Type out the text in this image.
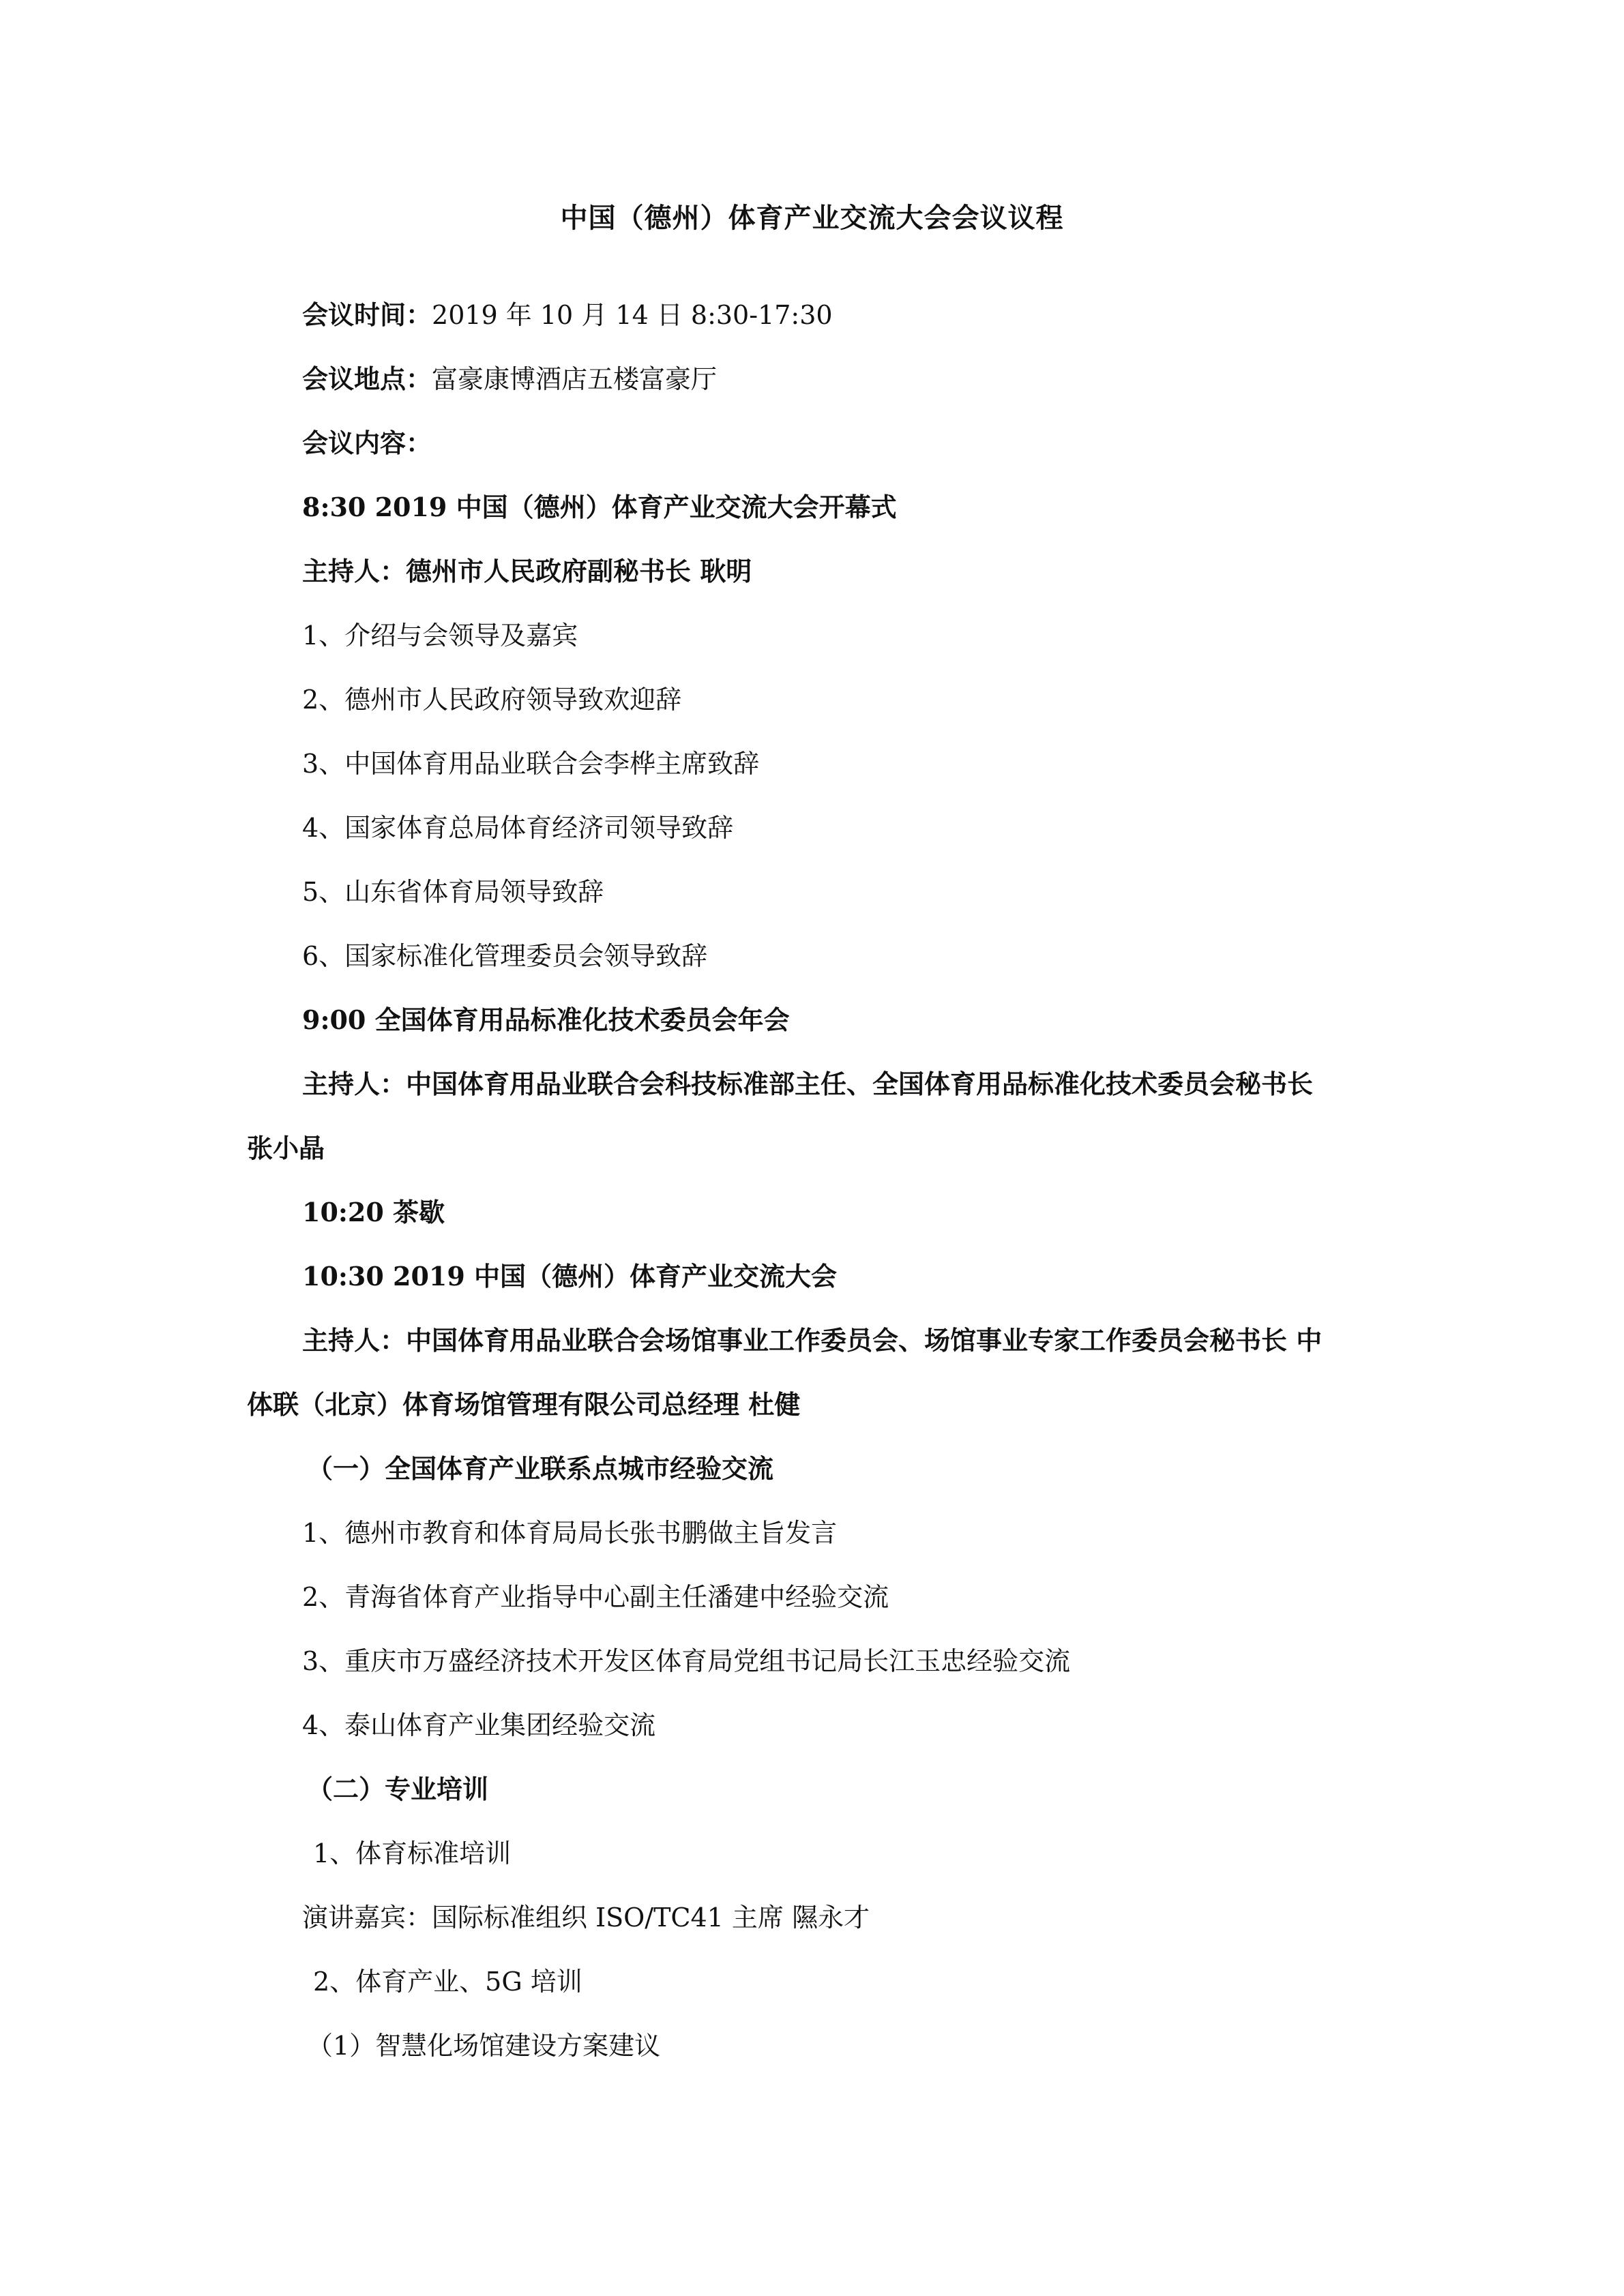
中国（德州）体育产业交流大会会议议程
会议时间：2019 年 10 月 14 日 8:30-17:30
会议地点：富豪康博酒店五楼富豪厅
会议内容：
8:30 2019 中国（德州）体育产业交流大会开幕式
主持人：德州市人民政府副秘书长 耿明
1、介绍与会领导及嘉宾
2、德州市人民政府领导致欢迎辞
3、中国体育用品业联合会李桦主席致辞
4、国家体育总局体育经济司领导致辞
5、山东省体育局领导致辞
6、国家标准化管理委员会领导致辞
9:00 全国体育用品标准化技术委员会年会
主持人：中国体育用品业联合会科技标准部主任、全国体育用品标准化技术委员会秘书长
张小晶
10:20 茶歇
10:30 2019 中国（德州）体育产业交流大会
主持人：中国体育用品业联合会场馆事业工作委员会、场馆事业专家工作委员会秘书长 中
体联（北京）体育场馆管理有限公司总经理 杜健
（一）全国体育产业联系点城市经验交流
1、德州市教育和体育局局长张书鹏做主旨发言
2、青海省体育产业指导中心副主任潘建中经验交流
3、重庆市万盛经济技术开发区体育局党组书记局长江玉忠经验交流
4、泰山体育产业集团经验交流
（二）专业培训
1、体育标准培训
演讲嘉宾：国际标准组织 ISO/TC41 主席 隰永才
2、体育产业、5G 培训
（1）智慧化场馆建设方案建议
